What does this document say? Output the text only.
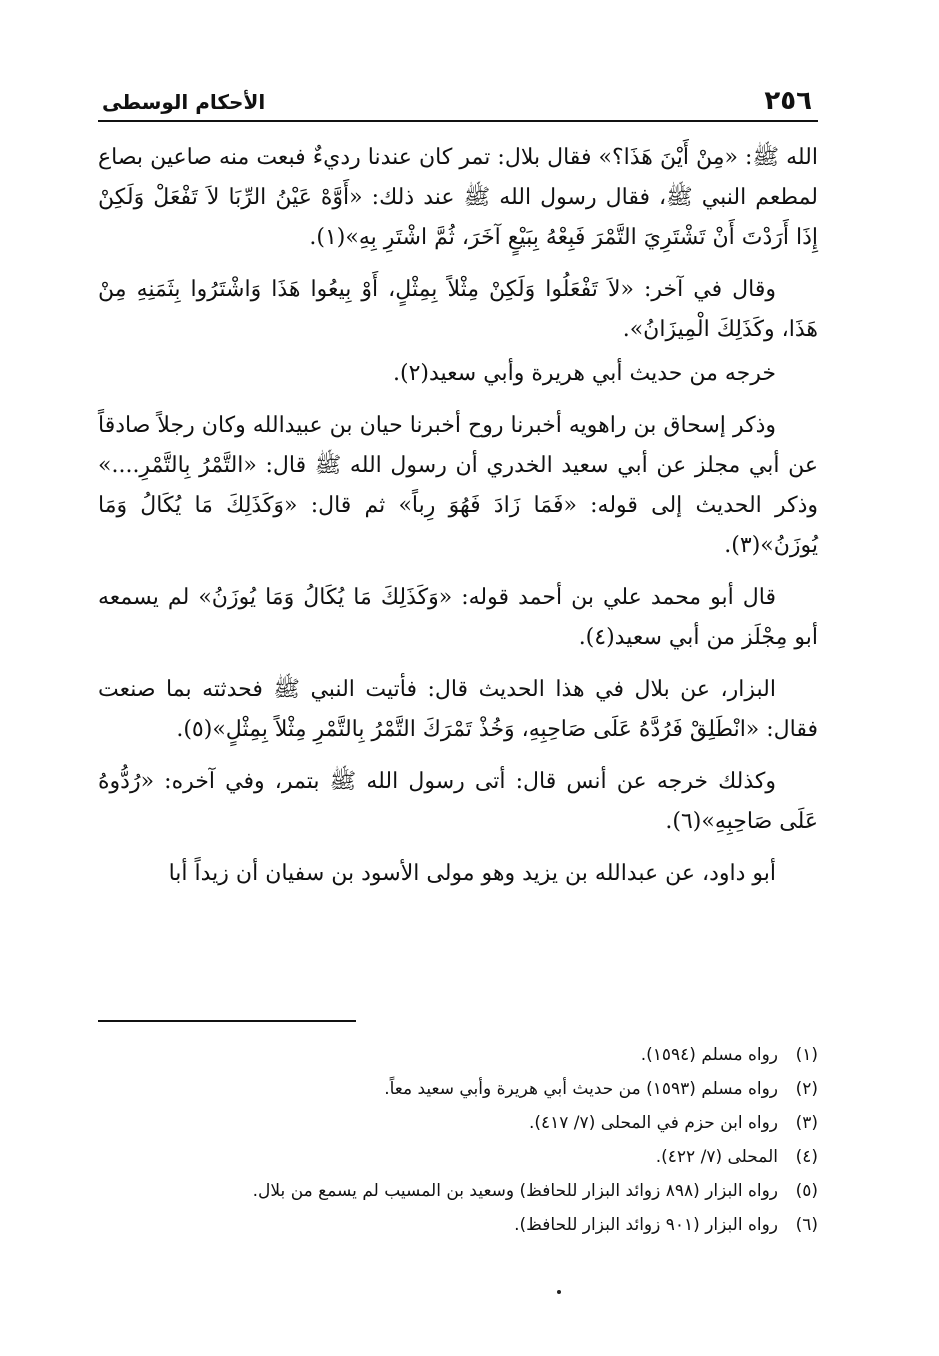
٢٥٦
الأحكام الوسطى

الله ﷺ: «مِنْ أَيْنَ هَذَا؟» فقال بلال: تمر كان عندنا رديءٌ فبعت منه صاعين بصاع لمطعم النبي ﷺ، فقال رسول الله ﷺ عند ذلك: «أَوَّهْ عَيْنُ الرِّبَا لاَ تَفْعَلْ وَلَكِنْ إِذَا أَرَدْتَ أَنْ تَشْتَرِيَ التَّمْرَ فَبِعْهُ بِبَيْعٍ آخَرَ، ثُمَّ اشْتَرِ بِهِ»(١).

وقال في آخر: «لاَ تَفْعَلُوا وَلَكِنْ مِثْلاً بِمِثْلٍ، أَوْ بِيعُوا هَذَا وَاشْتَرُوا بِثَمَنِهِ مِنْ هَذَا، وكَذَلِكَ الْمِيزَانُ».

خرجه من حديث أبي هريرة وأبي سعيد(٢).

وذكر إسحاق بن راهويه أخبرنا روح أخبرنا حيان بن عبيدالله وكان رجلاً صادقاً عن أبي مجلز عن أبي سعيد الخدري أن رسول الله ﷺ قال: «التَّمْرُ بِالتَّمْرِ....» وذكر الحديث إلى قوله: «فَمَا زَادَ فَهُوَ رِباً» ثم قال: «وَكَذَلِكَ مَا يُكَالُ وَمَا يُوزَنُ»(٣).

قال أبو محمد علي بن أحمد قوله: «وَكَذَلِكَ مَا يُكَالُ وَمَا يُوزَنُ» لم يسمعه أبو مِجْلَز من أبي سعيد(٤).

البزار، عن بلال في هذا الحديث قال: فأتيت النبي ﷺ فحدثته بما صنعت فقال: «انْطَلِقْ فَرُدَّهُ عَلَى صَاحِبِهِ، وَخُذْ تَمْرَكَ التَّمْرُ بِالتَّمْرِ مِثْلاً بِمِثْلٍ»(٥).

وكذلك خرجه عن أنس قال: أتى رسول الله ﷺ بتمر، وفي آخره: «رُدُّوهُ عَلَى صَاحِبِهِ»(٦).

أبو داود، عن عبدالله بن يزيد وهو مولى الأسود بن سفيان أن زيداً أبا

(١)
رواه مسلم (١٥٩٤).
(٢)
رواه مسلم (١٥٩٣) من حديث أبي هريرة وأبي سعيد معاً.
(٣)
رواه ابن حزم في المحلى (٧/ ٤١٧).
(٤)
المحلى (٧/ ٤٢٢).
(٥)
رواه البزار (٨٩٨ زوائد البزار للحافظ) وسعيد بن المسيب لم يسمع من بلال.
(٦)
رواه البزار (٩٠١ زوائد البزار للحافظ).
